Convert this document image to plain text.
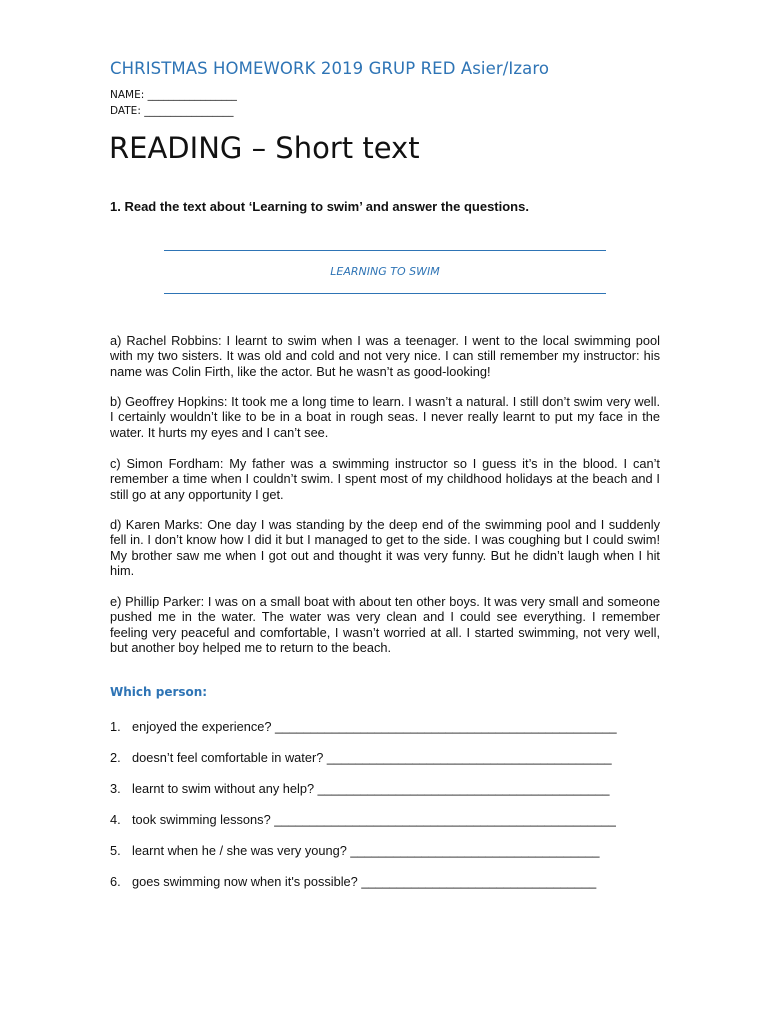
CHRISTMAS HOMEWORK 2019 GRUP RED Asier/Izaro
NAME: _________________
DATE: _________________
READING – Short text
1. Read the text about ‘Learning to swim’ and answer the questions.
LEARNING TO SWIM

a) Rachel Robbins: I learnt to swim when I was a teenager. I went to the local swimming pool with my two sisters. It was old and cold and not very nice. I can still remember my instructor: his name was Colin Firth, like the actor. But he wasn’t as good-looking!

b) Geoffrey Hopkins: It took me a long time to learn. I wasn’t a natural. I still don’t swim very well. I certainly wouldn’t like to be in a boat in rough seas. I never really learnt to put my face in the water. It hurts my eyes and I can’t see.

c) Simon Fordham: My father was a swimming instructor so I guess it’s in the blood. I can’t remember a time when I couldn’t swim. I spent most of my childhood holidays at the beach and I still go at any opportunity I get.

d) Karen Marks: One day I was standing by the deep end of the swimming pool and I suddenly fell in. I don’t know how I did it but I managed to get to the side. I was coughing but I could swim! My brother saw me when I got out and thought it was very funny. But he didn’t laugh when I hit him.

e) Phillip Parker: I was on a small boat with about ten other boys. It was very small and someone pushed me in the water. The water was very clean and I could see everything. I remember feeling very peaceful and comfortable, I wasn’t worried at all. I started swimming, not very well, but another boy helped me to return to the beach.

Which person:
1. enjoyed the experience? ________________________________________________
2. doesn’t feel comfortable in water? ________________________________________
3. learnt to swim without any help? _________________________________________
4. took swimming lessons? ________________________________________________
5. learnt when he / she was very young? ___________________________________
6. goes swimming now when it's possible? _________________________________
